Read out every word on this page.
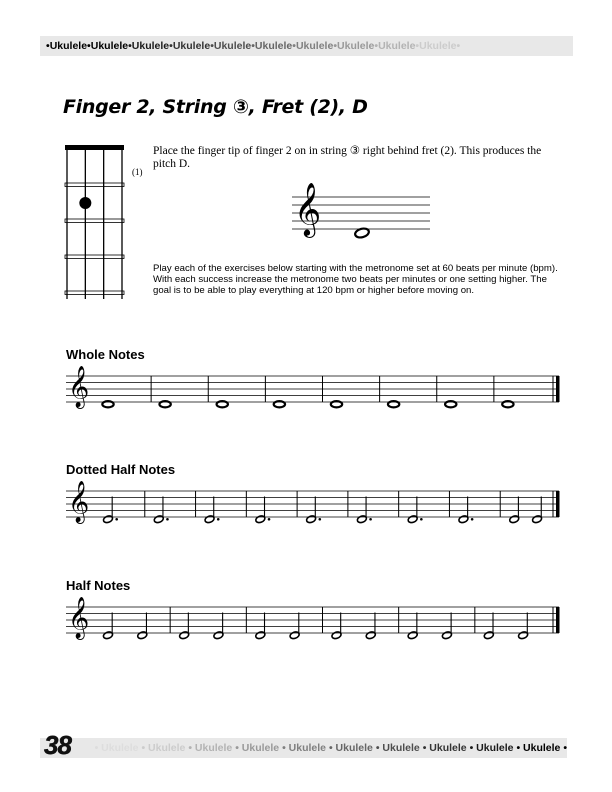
•Ukulele•Ukulele•Ukulele•Ukulele•Ukulele•Ukulele•Ukulele•Ukulele•Ukulele•Ukulele•
Finger 2, String ③, Fret (2), D
(1)
Place the finger tip of finger 2 on in string ③ right behind fret (2). This produces the pitch D.
𝄞
Play each of the exercises below starting with the metronome set at 60 beats per minute (bpm). With each success increase the metronome two beats per minutes or one setting higher. The goal is to be able to play everything at 120 bpm or higher before moving on.
Whole Notes
𝄞
Dotted Half Notes
𝄞
Half Notes
𝄞
• Ukulele • Ukulele • Ukulele • Ukulele • Ukulele • Ukulele • Ukulele • Ukulele • Ukulele • Ukulele •
38
